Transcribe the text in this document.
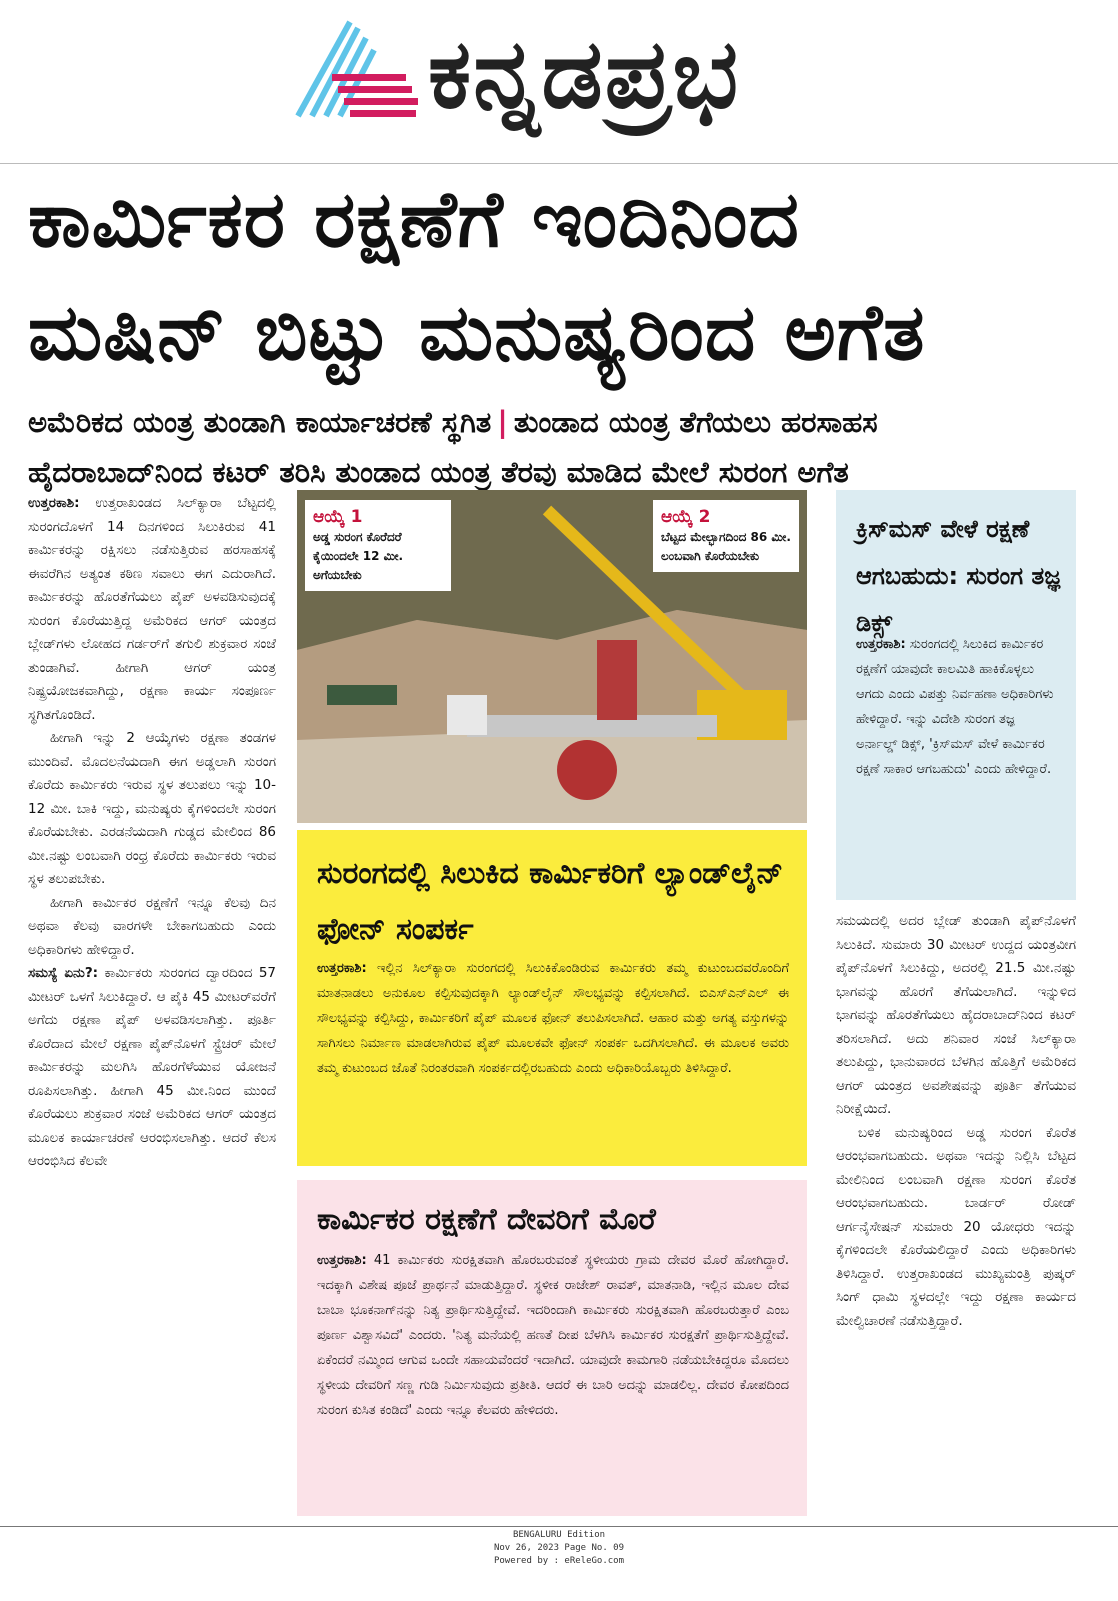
ಕನ್ನಡಪ್ರಭ
ಕಾರ್ಮಿಕರ ರಕ್ಷಣೆಗೆ ಇಂದಿನಿಂದ
ಮಷಿನ್ ಬಿಟ್ಟು ಮನುಷ್ಯರಿಂದ ಅಗೆತ
ಅಮೆರಿಕದ ಯಂತ್ರ ತುಂಡಾಗಿ ಕಾರ್ಯಾಚರಣೆ ಸ್ಥಗಿತ | ತುಂಡಾದ ಯಂತ್ರ ತೆಗೆಯಲು ಹರಸಾಹಸ
ಹೈದರಾಬಾದ್‌ನಿಂದ ಕಟರ್ ತರಿಸಿ ತುಂಡಾದ ಯಂತ್ರ ತೆರವು ಮಾಡಿದ ಮೇಲೆ ಸುರಂಗ ಅಗೆತ

ಉತ್ತರಕಾಶಿ: ಉತ್ತರಾಖಂಡದ ಸಿಲ್‌ಕ್ಯಾರಾ ಬೆಟ್ಟದಲ್ಲಿ ಸುರಂಗದೊಳಗೆ 14 ದಿನಗಳಿಂದ ಸಿಲುಕಿರುವ 41 ಕಾರ್ಮಿಕರನ್ನು ರಕ್ಷಿಸಲು ನಡೆಸುತ್ತಿರುವ ಹರಸಾಹಸಕ್ಕೆ ಈವರೆಗಿನ ಅತ್ಯಂತ ಕಠಿಣ ಸವಾಲು ಈಗ ಎದುರಾಗಿದೆ. ಕಾರ್ಮಿಕರನ್ನು ಹೊರತೆಗೆಯಲು ಪೈಪ್ ಅಳವಡಿಸುವುದಕ್ಕೆ ಸುರಂಗ ಕೊರೆಯುತ್ತಿದ್ದ ಅಮೆರಿಕದ ಆಗರ್ ಯಂತ್ರದ ಬ್ಲೇಡ್‌ಗಳು ಲೋಹದ ಗರ್ಡರ್‌ಗೆ ತಗುಲಿ ಶುಕ್ರವಾರ ಸಂಜೆ ತುಂಡಾಗಿವೆ. ಹೀಗಾಗಿ ಆಗರ್ ಯಂತ್ರ ನಿಷ್ಪ್ರಯೋಜಕವಾಗಿದ್ದು, ರಕ್ಷಣಾ ಕಾರ್ಯ ಸಂಪೂರ್ಣ ಸ್ಥಗಿತಗೊಂಡಿದೆ.

ಹೀಗಾಗಿ ಇನ್ನು 2 ಆಯ್ಕೆಗಳು ರಕ್ಷಣಾ ತಂಡಗಳ ಮುಂದಿವೆ. ಮೊದಲನೆಯದಾಗಿ ಈಗ ಅಡ್ಡಲಾಗಿ ಸುರಂಗ ಕೊರೆದು ಕಾರ್ಮಿಕರು ಇರುವ ಸ್ಥಳ ತಲುಪಲು ಇನ್ನು 10-12 ಮೀ. ಬಾಕಿ ಇದ್ದು, ಮನುಷ್ಯರು ಕೈಗಳಿಂದಲೇ ಸುರಂಗ ಕೊರೆಯಬೇಕು. ಎರಡನೆಯದಾಗಿ ಗುಡ್ಡದ ಮೇಲಿಂದ 86 ಮೀ.ನಷ್ಟು ಲಂಬವಾಗಿ ರಂಧ್ರ ಕೊರೆದು ಕಾರ್ಮಿಕರು ಇರುವ ಸ್ಥಳ ತಲುಪಬೇಕು.

ಹೀಗಾಗಿ ಕಾರ್ಮಿಕರ ರಕ್ಷಣೆಗೆ ಇನ್ನೂ ಕೆಲವು ದಿನ ಅಥವಾ ಕೆಲವು ವಾರಗಳೇ ಬೇಕಾಗಬಹುದು ಎಂದು ಅಧಿಕಾರಿಗಳು ಹೇಳಿದ್ದಾರೆ.

ಸಮಸ್ಯೆ ಏನು?: ಕಾರ್ಮಿಕರು ಸುರಂಗದ ದ್ವಾರದಿಂದ 57 ಮೀಟರ್ ಒಳಗೆ ಸಿಲುಕಿದ್ದಾರೆ. ಆ ಪೈಕಿ 45 ಮೀಟರ್‌ವರೆಗೆ ಅಗೆದು ರಕ್ಷಣಾ ಪೈಪ್ ಅಳವಡಿಸಲಾಗಿತ್ತು. ಪೂರ್ತಿ ಕೊರೆದಾದ ಮೇಲೆ ರಕ್ಷಣಾ ಪೈಪ್‌ನೊಳಗೆ ಸ್ಟ್ರೆಚರ್ ಮೇಲೆ ಕಾರ್ಮಿಕರನ್ನು ಮಲಗಿಸಿ ಹೊರಗೆಳೆಯುವ ಯೋಜನೆ ರೂಪಿಸಲಾಗಿತ್ತು. ಹೀಗಾಗಿ 45 ಮೀ.ನಿಂದ ಮುಂದೆ ಕೊರೆಯಲು ಶುಕ್ರವಾರ ಸಂಜೆ ಅಮೆರಿಕದ ಆಗರ್ ಯಂತ್ರದ ಮೂಲಕ ಕಾರ್ಯಾಚರಣೆ ಆರಂಭಿಸಲಾಗಿತ್ತು. ಆದರೆ ಕೆಲಸ ಆರಂಭಿಸಿದ ಕೆಲವೇ

ಆಯ್ಕೆ 1
ಅಡ್ಡ ಸುರಂಗ ಕೊರೆದರೆ ಕೈಯಿಂದಲೇ 12 ಮೀ. ಅಗೆಯಬೇಕು
ಆಯ್ಕೆ 2
ಬೆಟ್ಟದ ಮೇಲ್ಭಾಗದಿಂದ 86 ಮೀ. ಲಂಬವಾಗಿ ಕೊರೆಯಬೇಕು
ಸುರಂಗದಲ್ಲಿ ಸಿಲುಕಿದ ಕಾರ್ಮಿಕರಿಗೆ ಲ್ಯಾಂಡ್‌ಲೈನ್ ಫೋನ್ ಸಂಪರ್ಕ
ಉತ್ತರಕಾಶಿ: ಇಲ್ಲಿನ ಸಿಲ್‌ಕ್ಯಾರಾ ಸುರಂಗದಲ್ಲಿ ಸಿಲುಕಿಕೊಂಡಿರುವ ಕಾರ್ಮಿಕರು ತಮ್ಮ ಕುಟುಂಬದವರೊಂದಿಗೆ ಮಾತನಾಡಲು ಅನುಕೂಲ ಕಲ್ಪಿಸುವುದಕ್ಕಾಗಿ ಲ್ಯಾಂಡ್‌ಲೈನ್ ಸೌಲಭ್ಯವನ್ನು ಕಲ್ಪಿಸಲಾಗಿದೆ. ಬಿಎಸ್‌ಎನ್‌ಎಲ್ ಈ ಸೌಲಭ್ಯವನ್ನು ಕಲ್ಪಿಸಿದ್ದು, ಕಾರ್ಮಿಕರಿಗೆ ಪೈಪ್ ಮೂಲಕ ಫೋನ್ ತಲುಪಿಸಲಾಗಿದೆ. ಆಹಾರ ಮತ್ತು ಅಗತ್ಯ ವಸ್ತುಗಳನ್ನು ಸಾಗಿಸಲು ನಿರ್ಮಾಣ ಮಾಡಲಾಗಿರುವ ಪೈಪ್ ಮೂಲಕವೇ ಫೋನ್ ಸಂಪರ್ಕ ಒದಗಿಸಲಾಗಿದೆ. ಈ ಮೂಲಕ ಅವರು ತಮ್ಮ ಕುಟುಂಬದ ಜೊತೆ ನಿರಂತರವಾಗಿ ಸಂಪರ್ಕದಲ್ಲಿರಬಹುದು ಎಂದು ಅಧಿಕಾರಿಯೊಬ್ಬರು ತಿಳಿಸಿದ್ದಾರೆ.
ಕಾರ್ಮಿಕರ ರಕ್ಷಣೆಗೆ ದೇವರಿಗೆ ಮೊರೆ
ಉತ್ತರಕಾಶಿ: 41 ಕಾರ್ಮಿಕರು ಸುರಕ್ಷಿತವಾಗಿ ಹೊರಬರುವಂತೆ ಸ್ಥಳೀಯರು ಗ್ರಾಮ ದೇವರ ಮೊರೆ ಹೋಗಿದ್ದಾರೆ. ಇದಕ್ಕಾಗಿ ವಿಶೇಷ ಪೂಜೆ ಪ್ರಾರ್ಥನೆ ಮಾಡುತ್ತಿದ್ದಾರೆ. ಸ್ಥಳೀಕ ರಾಜೇಶ್ ರಾವತ್, ಮಾತನಾಡಿ, ಇಲ್ಲಿನ ಮೂಲ ದೇವ ಬಾಬಾ ಭೂಕನಾಗ್‌ನನ್ನು ನಿತ್ಯ ಪ್ರಾರ್ಥಿಸುತ್ತಿದ್ದೇವೆ. ಇದರಿಂದಾಗಿ ಕಾರ್ಮಿಕರು ಸುರಕ್ಷಿತವಾಗಿ ಹೊರಬರುತ್ತಾರೆ ಎಂಬ ಪೂರ್ಣ ವಿಶ್ವಾಸವಿದೆ' ಎಂದರು. 'ನಿತ್ಯ ಮನೆಯಲ್ಲಿ ಹಣತೆ ದೀಪ ಬೆಳಗಿಸಿ ಕಾರ್ಮಿಕರ ಸುರಕ್ಷತೆಗೆ ಪ್ರಾರ್ಥಿಸುತ್ತಿದ್ದೇವೆ. ಏಕೆಂದರೆ ನಮ್ಮಿಂದ ಆಗುವ ಒಂದೇ ಸಹಾಯವೆಂದರೆ ಇದಾಗಿದೆ. ಯಾವುದೇ ಕಾಮಗಾರಿ ನಡೆಯಬೇಕಿದ್ದರೂ ಮೊದಲು ಸ್ಥಳೀಯ ದೇವರಿಗೆ ಸಣ್ಣ ಗುಡಿ ನಿರ್ಮಿಸುವುದು ಪ್ರತೀತಿ. ಆದರೆ ಈ ಬಾರಿ ಅದನ್ನು ಮಾಡಲಿಲ್ಲ. ದೇವರ ಕೋಪದಿಂದ ಸುರಂಗ ಕುಸಿತ ಕಂಡಿದೆ' ಎಂದು ಇನ್ನೂ ಕೆಲವರು ಹೇಳಿದರು.
ಕ್ರಿಸ್‌ಮಸ್ ವೇಳೆ ರಕ್ಷಣೆ ಆಗಬಹುದು: ಸುರಂಗ ತಜ್ಞ ಡಿಕ್ಸ್
ಉತ್ತರಕಾಶಿ: ಸುರಂಗದಲ್ಲಿ ಸಿಲುಕಿದ ಕಾರ್ಮಿಕರ ರಕ್ಷಣೆಗೆ ಯಾವುದೇ ಕಾಲಮಿತಿ ಹಾಕಿಕೊಳ್ಳಲು ಆಗದು ಎಂದು ವಿಪತ್ತು ನಿರ್ವಹಣಾ ಅಧಿಕಾರಿಗಳು ಹೇಳಿದ್ದಾರೆ. ಇನ್ನು ವಿದೇಶಿ ಸುರಂಗ ತಜ್ಞ ಅರ್ನಾಲ್ಡ್ ಡಿಕ್ಸ್, 'ಕ್ರಿಸ್‌ಮಸ್ ವೇಳೆ ಕಾರ್ಮಿಕರ ರಕ್ಷಣೆ ಸಾಕಾರ ಆಗಬಹುದು' ಎಂದು ಹೇಳಿದ್ದಾರೆ.

ಸಮಯದಲ್ಲಿ ಅದರ ಬ್ಲೇಡ್ ತುಂಡಾಗಿ ಪೈಪ್‌ನೊಳಗೆ ಸಿಲುಕಿದೆ. ಸುಮಾರು 30 ಮೀಟರ್ ಉದ್ದದ ಯಂತ್ರವೀಗ ಪೈಪ್‌ನೊಳಗೆ ಸಿಲುಕಿದ್ದು, ಅದರಲ್ಲಿ 21.5 ಮೀ.ನಷ್ಟು ಭಾಗವನ್ನು ಹೊರಗೆ ತೆಗೆಯಲಾಗಿದೆ. ಇನ್ನುಳಿದ ಭಾಗವನ್ನು ಹೊರತೆಗೆಯಲು ಹೈದರಾಬಾದ್‌ನಿಂದ ಕಟರ್ ತರಿಸಲಾಗಿದೆ. ಅದು ಶನಿವಾರ ಸಂಜೆ ಸಿಲ್‌ಕ್ಯಾರಾ ತಲುಪಿದ್ದು, ಭಾನುವಾರದ ಬೆಳಗಿನ ಹೊತ್ತಿಗೆ ಅಮೆರಿಕದ ಆಗರ್ ಯಂತ್ರದ ಅವಶೇಷವನ್ನು ಪೂರ್ತಿ ತೆಗೆಯುವ ನಿರೀಕ್ಷೆಯಿದೆ.

ಬಳಿಕ ಮನುಷ್ಯರಿಂದ ಅಡ್ಡ ಸುರಂಗ ಕೊರೆತ ಆರಂಭವಾಗಬಹುದು. ಅಥವಾ ಇದನ್ನು ನಿಲ್ಲಿಸಿ ಬೆಟ್ಟದ ಮೇಲಿನಿಂದ ಲಂಬವಾಗಿ ರಕ್ಷಣಾ ಸುರಂಗ ಕೊರೆತ ಆರಂಭವಾಗಬಹುದು. ಬಾರ್ಡರ್ ರೋಡ್ ಆರ್ಗನೈಸೇಷನ್ ಸುಮಾರು 20 ಯೋಧರು ಇದನ್ನು ಕೈಗಳಿಂದಲೇ ಕೊರೆಯಲಿದ್ದಾರೆ ಎಂದು ಅಧಿಕಾರಿಗಳು ತಿಳಿಸಿದ್ದಾರೆ. ಉತ್ತರಾಖಂಡದ ಮುಖ್ಯಮಂತ್ರಿ ಪುಷ್ಕರ್ ಸಿಂಗ್ ಧಾಮಿ ಸ್ಥಳದಲ್ಲೇ ಇದ್ದು ರಕ್ಷಣಾ ಕಾರ್ಯದ ಮೇಲ್ವಿಚಾರಣೆ ನಡೆಸುತ್ತಿದ್ದಾರೆ.

BENGALURU Edition
Nov 26, 2023 Page No. 09
Powered by : eReleGo.com
